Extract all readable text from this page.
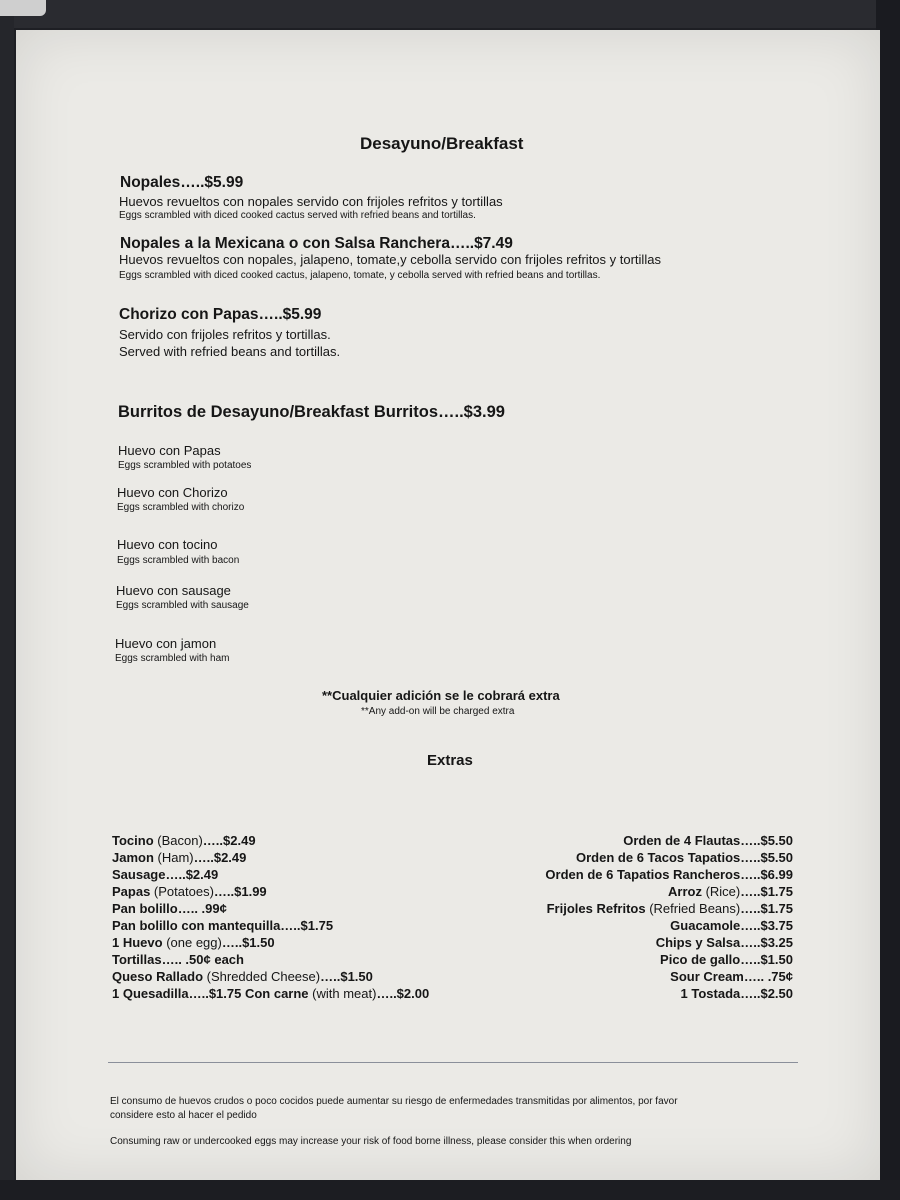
Desayuno/Breakfast
Nopales…..$5.99
Huevos revueltos con nopales servido con frijoles refritos y tortillas
Eggs scrambled with diced cooked cactus served with refried beans and tortillas.
Nopales a la Mexicana o con Salsa Ranchera…..$7.49
Huevos revueltos con nopales, jalapeno, tomate,y cebolla servido con frijoles refritos y tortillas
Eggs scrambled with diced cooked cactus, jalapeno, tomate, y cebolla served with refried beans and tortillas.
Chorizo con Papas…..$5.99
Servido con frijoles refritos y tortillas.
Served with refried beans and tortillas.
Burritos de Desayuno/Breakfast Burritos…..$3.99
Huevo con Papas
Eggs scrambled with potatoes
Huevo con Chorizo
Eggs scrambled with chorizo
Huevo con tocino
Eggs scrambled with bacon
Huevo con sausage
Eggs scrambled with sausage
Huevo con jamon
Eggs scrambled with ham
**Cualquier adición se le cobrará extra
**Any add-on will be charged extra
Extras
Tocino (Bacon)…..$2.49
Jamon (Ham)…..$2.49
Sausage…..$2.49
Papas (Potatoes)…..$1.99
Pan bolillo….. .99¢
Pan bolillo con mantequilla…..$1.75
1 Huevo (one egg)…..$1.50
Tortillas….. .50¢ each
Queso Rallado (Shredded Cheese)…..$1.50
1 Quesadilla…..$1.75 Con carne (with meat)…..$2.00
Orden de 4 Flautas…..$5.50
Orden de 6 Tacos Tapatios…..$5.50
Orden de 6 Tapatios Rancheros…..$6.99
Arroz (Rice)…..$1.75
Frijoles Refritos (Refried Beans)…..$1.75
Guacamole…..$3.75
Chips y Salsa…..$3.25
Pico de gallo…..$1.50
Sour Cream….. .75¢
1 Tostada…..$2.50
El consumo de huevos crudos o poco cocidos puede aumentar su riesgo de enfermedades transmitidas por alimentos, por favor
considere esto al hacer el pedido
Consuming raw or undercooked eggs may increase your risk of food borne illness, please consider this when ordering
